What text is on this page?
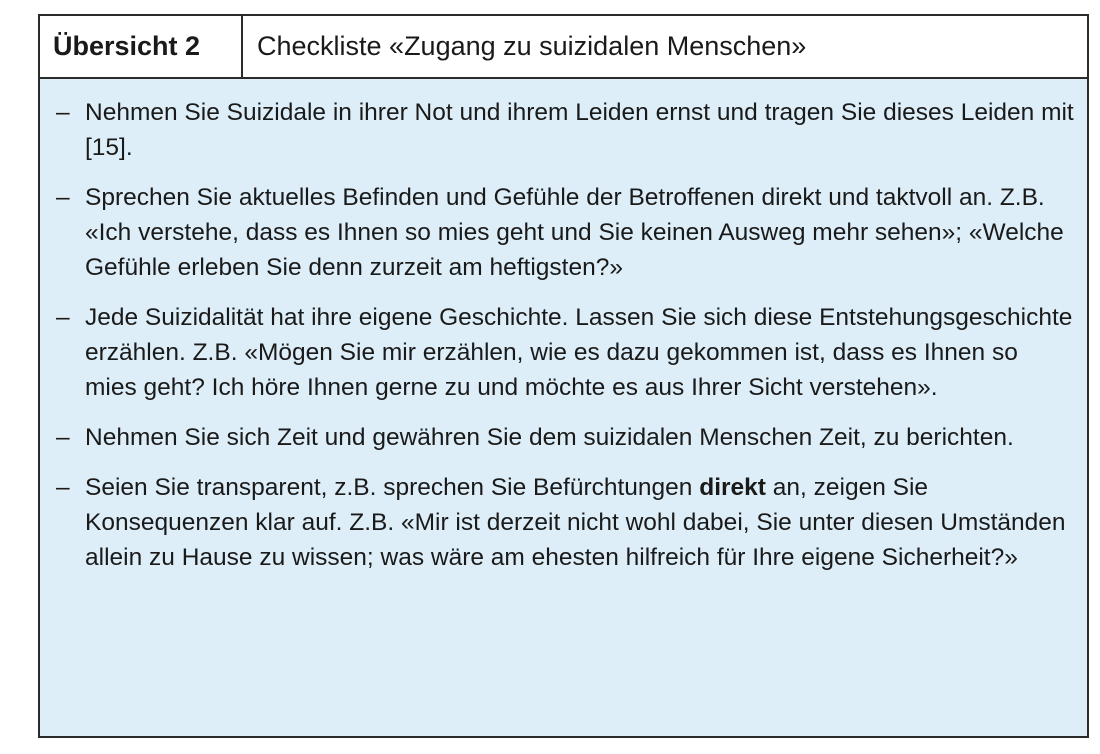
Übersicht 2	Checkliste «Zugang zu suizidalen Menschen»
– Nehmen Sie Suizidale in ihrer Not und ihrem Leiden ernst und tragen Sie dieses Leiden mit [15].
– Sprechen Sie aktuelles Befinden und Gefühle der Betroffenen direkt und taktvoll an. Z.B. «Ich verstehe, dass es Ihnen so mies geht und Sie keinen Ausweg mehr sehen»; «Welche Gefühle erleben Sie denn zurzeit am heftigsten?»
– Jede Suizidalität hat ihre eigene Geschichte. Lassen Sie sich diese Entstehungsgeschichte erzählen. Z.B. «Mögen Sie mir erzählen, wie es dazu gekommen ist, dass es Ihnen so mies geht? Ich höre Ihnen gerne zu und möchte es aus Ihrer Sicht verstehen».
– Nehmen Sie sich Zeit und gewähren Sie dem suizidalen Menschen Zeit, zu berichten.
– Seien Sie transparent, z.B. sprechen Sie Befürchtungen direkt an, zeigen Sie Konsequenzen klar auf. Z.B. «Mir ist derzeit nicht wohl dabei, Sie unter diesen Umständen allein zu Hause zu wissen; was wäre am ehesten hilfreich für Ihre eigene Sicherheit?»
